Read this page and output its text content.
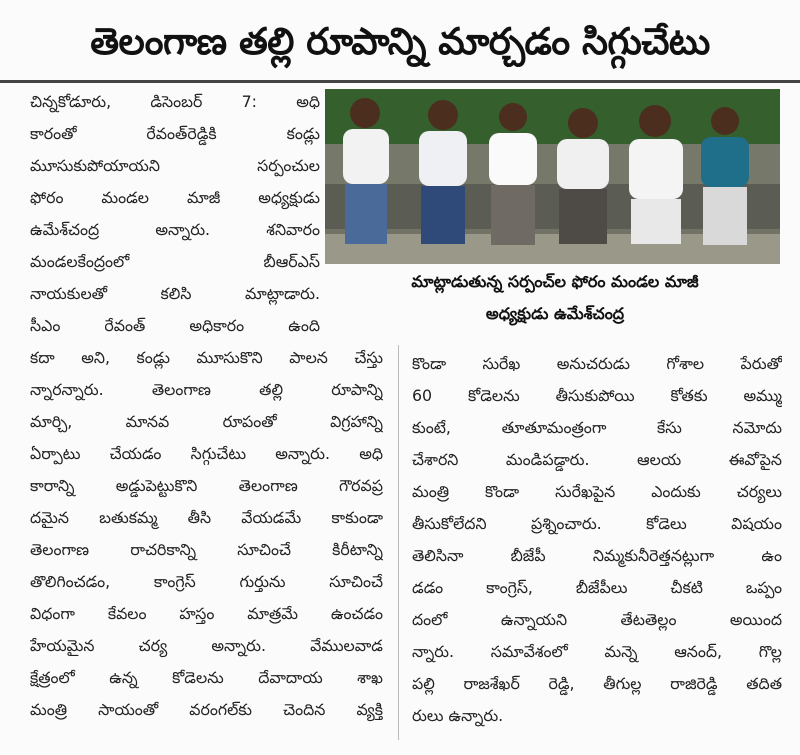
తెలంగాణ తల్లి రూపాన్ని మార్చడం సిగ్గుచేటు
మాట్లాడుతున్న సర్పంచ్‌ల ఫోరం మండల మాజీ
అధ్యక్షుడు ఉమేశ్‌చంద్ర
చిన్నకోడూరు, డిసెంబర్ 7: అధి
కారంతో రేవంత్‌రెడ్డికి కండ్లు
మూసుకుపోయాయని సర్పంచుల
ఫోరం మండల మాజీ అధ్యక్షుడు
ఉమేశ్‌చంద్ర అన్నారు. శనివారం
మండలకేంద్రంలో బీఆర్‌ఎస్
నాయకులతో కలిసి మాట్లాడారు.
సీఎం రేవంత్ అధికారం ఉంది
కదా అని, కండ్లు మూసుకొని పాలన చేస్తు
న్నారన్నారు. తెలంగాణ తల్లి రూపాన్ని
మార్చి, మానవ రూపంతో విగ్రహాన్ని
ఏర్పాటు చేయడం సిగ్గుచేటు అన్నారు. అధి
కారాన్ని అడ్డుపెట్టుకొని తెలంగాణ గౌరవప్ర
దమైన బతుకమ్మ తీసి వేయడమే కాకుండా
తెలంగాణ రాచరికాన్ని సూచించే కిరీటాన్ని
తొలిగించడం, కాంగ్రెస్ గుర్తును సూచించే
విధంగా కేవలం హస్తం మాత్రమే ఉంచడం
హేయమైన చర్య అన్నారు. వేములవాడ
క్షేత్రంలో ఉన్న కోడెలను దేవాదాయ శాఖ
మంత్రి సాయంతో వరంగల్‌కు చెందిన వ్యక్తి
కొండా సురేఖ అనుచరుడు గోశాల పేరుతో
60 కోడెలను తీసుకుపోయి కోతకు అమ్ము
కుంటే, తూతూమంత్రంగా కేసు నమోదు
చేశారని మండిపడ్డారు. ఆలయ ఈవోపైన
మంత్రి కొండా సురేఖపైన ఎందుకు చర్యలు
తీసుకోలేదని ప్రశ్నించారు. కోడెలు విషయం
తెలిసినా బీజేపీ నిమ్మకునీరెత్తనట్లుగా ఉం
డడం కాంగ్రెస్, బీజేపీలు చీకటి ఒప్పం
దంలో ఉన్నాయని తేటతెల్లం అయింద
న్నారు. సమావేశంలో మన్నె ఆనంద్, గొల్ల
పల్లి రాజశేఖర్ రెడ్డి, తీగుల్ల రాజిరెడ్డి తదిత
రులు ఉన్నారు.
